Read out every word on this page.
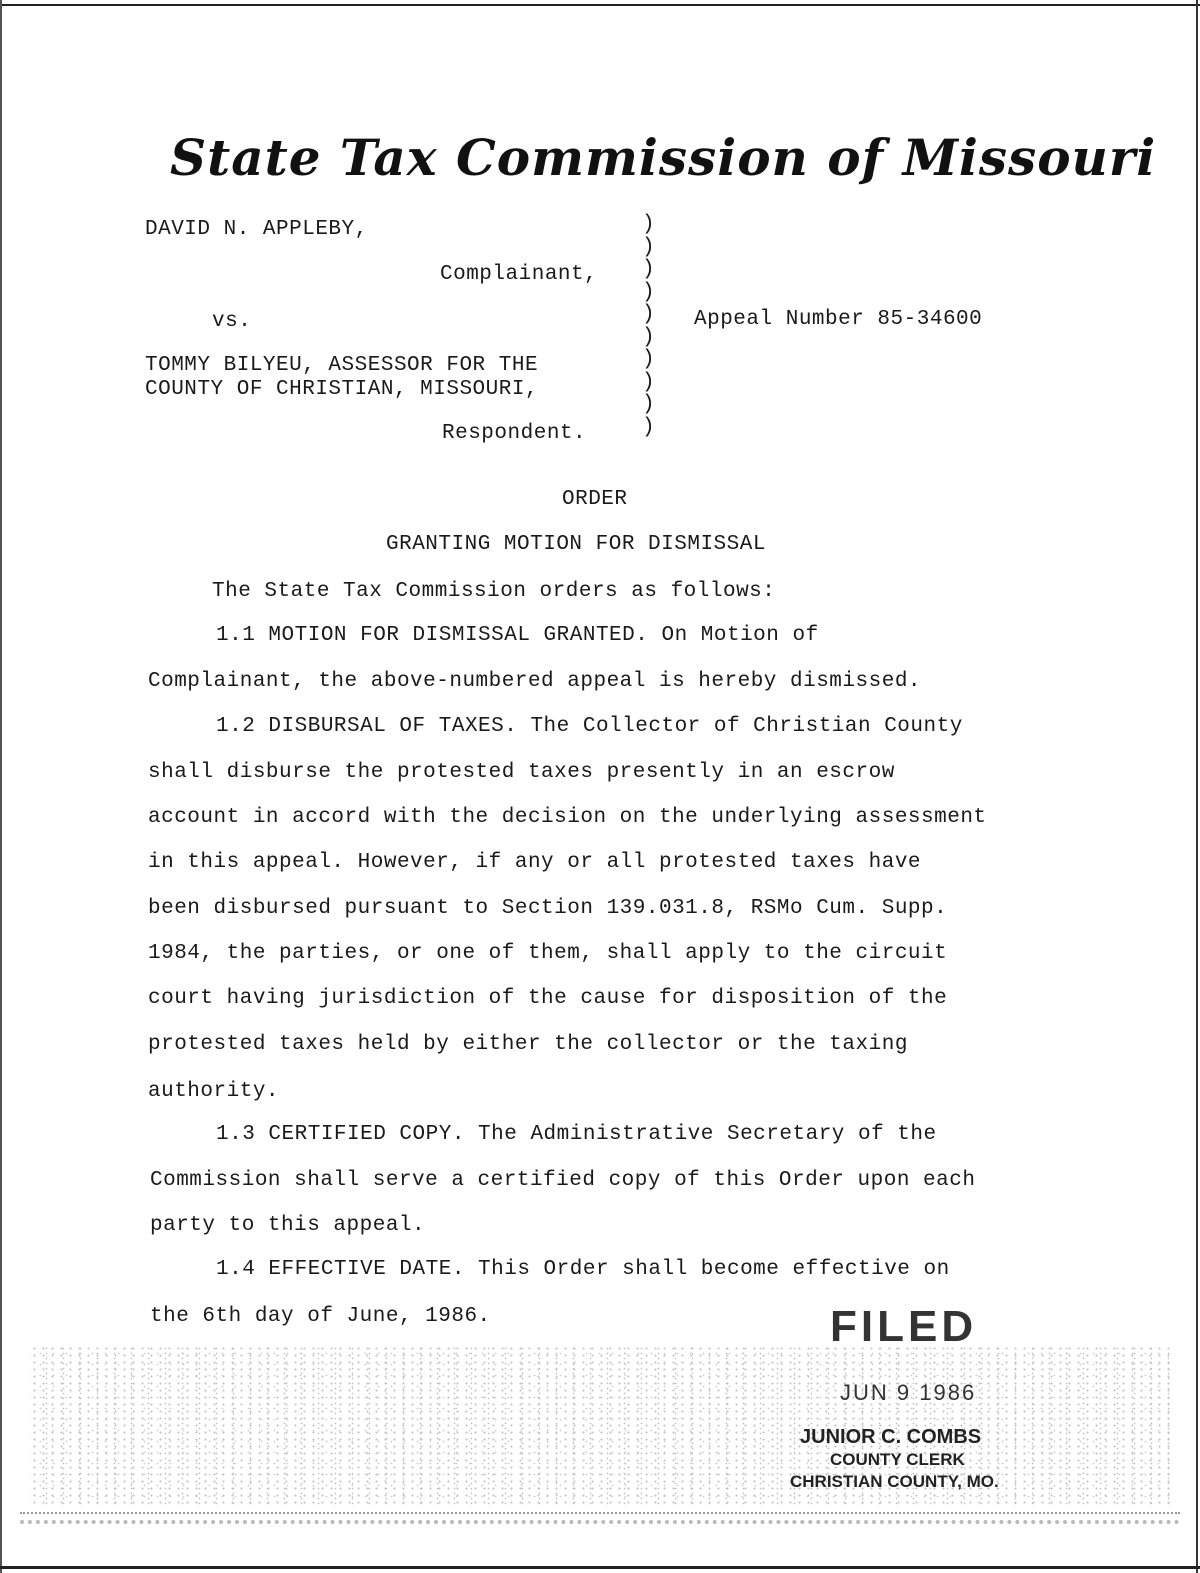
State Tax Commission of Missouri
DAVID N. APPLEBY,
Complainant,
vs.	Appeal Number 85-34600
TOMMY BILYEU, ASSESSOR FOR THE
COUNTY OF CHRISTIAN, MISSOURI,
Respondent.
)
)
)
)
)
)
)
)
)
)
ORDER
GRANTING MOTION FOR DISMISSAL
The State Tax Commission orders as follows:
1.1 MOTION FOR DISMISSAL GRANTED. On Motion of
Complainant, the above-numbered appeal is hereby dismissed.
1.2 DISBURSAL OF TAXES. The Collector of Christian County
shall disburse the protested taxes presently in an escrow
account in accord with the decision on the underlying assessment
in this appeal. However, if any or all protested taxes have
been disbursed pursuant to Section 139.031.8, RSMo Cum. Supp.
1984, the parties, or one of them, shall apply to the circuit
court having jurisdiction of the cause for disposition of the
protested taxes held by either the collector or the taxing
authority.
1.3 CERTIFIED COPY. The Administrative Secretary of the
Commission shall serve a certified copy of this Order upon each
party to this appeal.
1.4 EFFECTIVE DATE. This Order shall become effective on
the 6th day of June, 1986.	FILED
JUN 9 1986
JUNIOR C. COMBS
COUNTY CLERK
CHRISTIAN COUNTY, MO.
